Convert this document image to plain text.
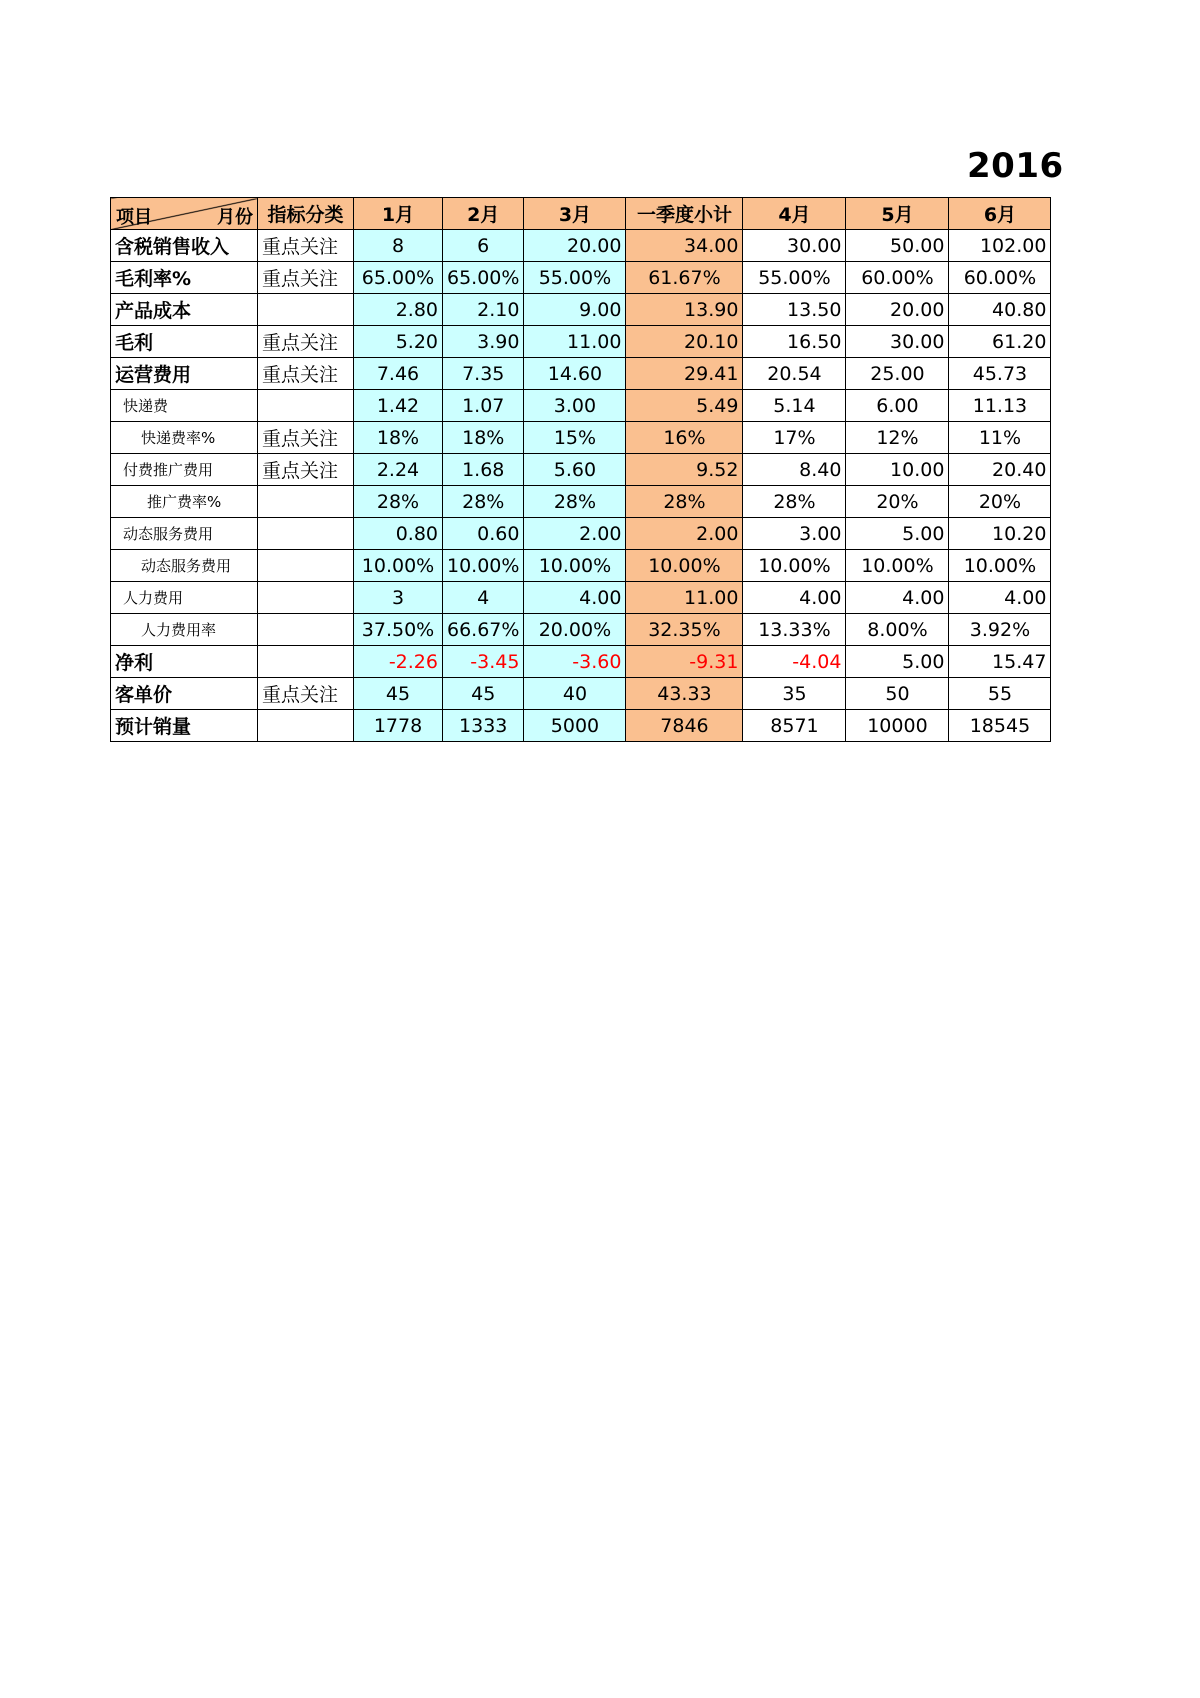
2016
项目 月份	指标分类	1月	2月	3月	一季度小计	4月	5月	6月
含税销售收入	重点关注	8	6	20.00	34.00	30.00	50.00	102.00
毛利率%	重点关注	65.00%	65.00%	55.00%	61.67%	55.00%	60.00%	60.00%
产品成本		2.80	2.10	9.00	13.90	13.50	20.00	40.80
毛利	重点关注	5.20	3.90	11.00	20.10	16.50	30.00	61.20
运营费用	重点关注	7.46	7.35	14.60	29.41	20.54	25.00	45.73
快递费		1.42	1.07	3.00	5.49	5.14	6.00	11.13
快递费率%	重点关注	18%	18%	15%	16%	17%	12%	11%
付费推广费用	重点关注	2.24	1.68	5.60	9.52	8.40	10.00	20.40
推广费率%		28%	28%	28%	28%	28%	20%	20%
动态服务费用		0.80	0.60	2.00	2.00	3.00	5.00	10.20
动态服务费用		10.00%	10.00%	10.00%	10.00%	10.00%	10.00%	10.00%
人力费用		3	4	4.00	11.00	4.00	4.00	4.00
人力费用率		37.50%	66.67%	20.00%	32.35%	13.33%	8.00%	3.92%
净利		-2.26	-3.45	-3.60	-9.31	-4.04	5.00	15.47
客单价	重点关注	45	45	40	43.33	35	50	55
预计销量		1778	1333	5000	7846	8571	10000	18545
